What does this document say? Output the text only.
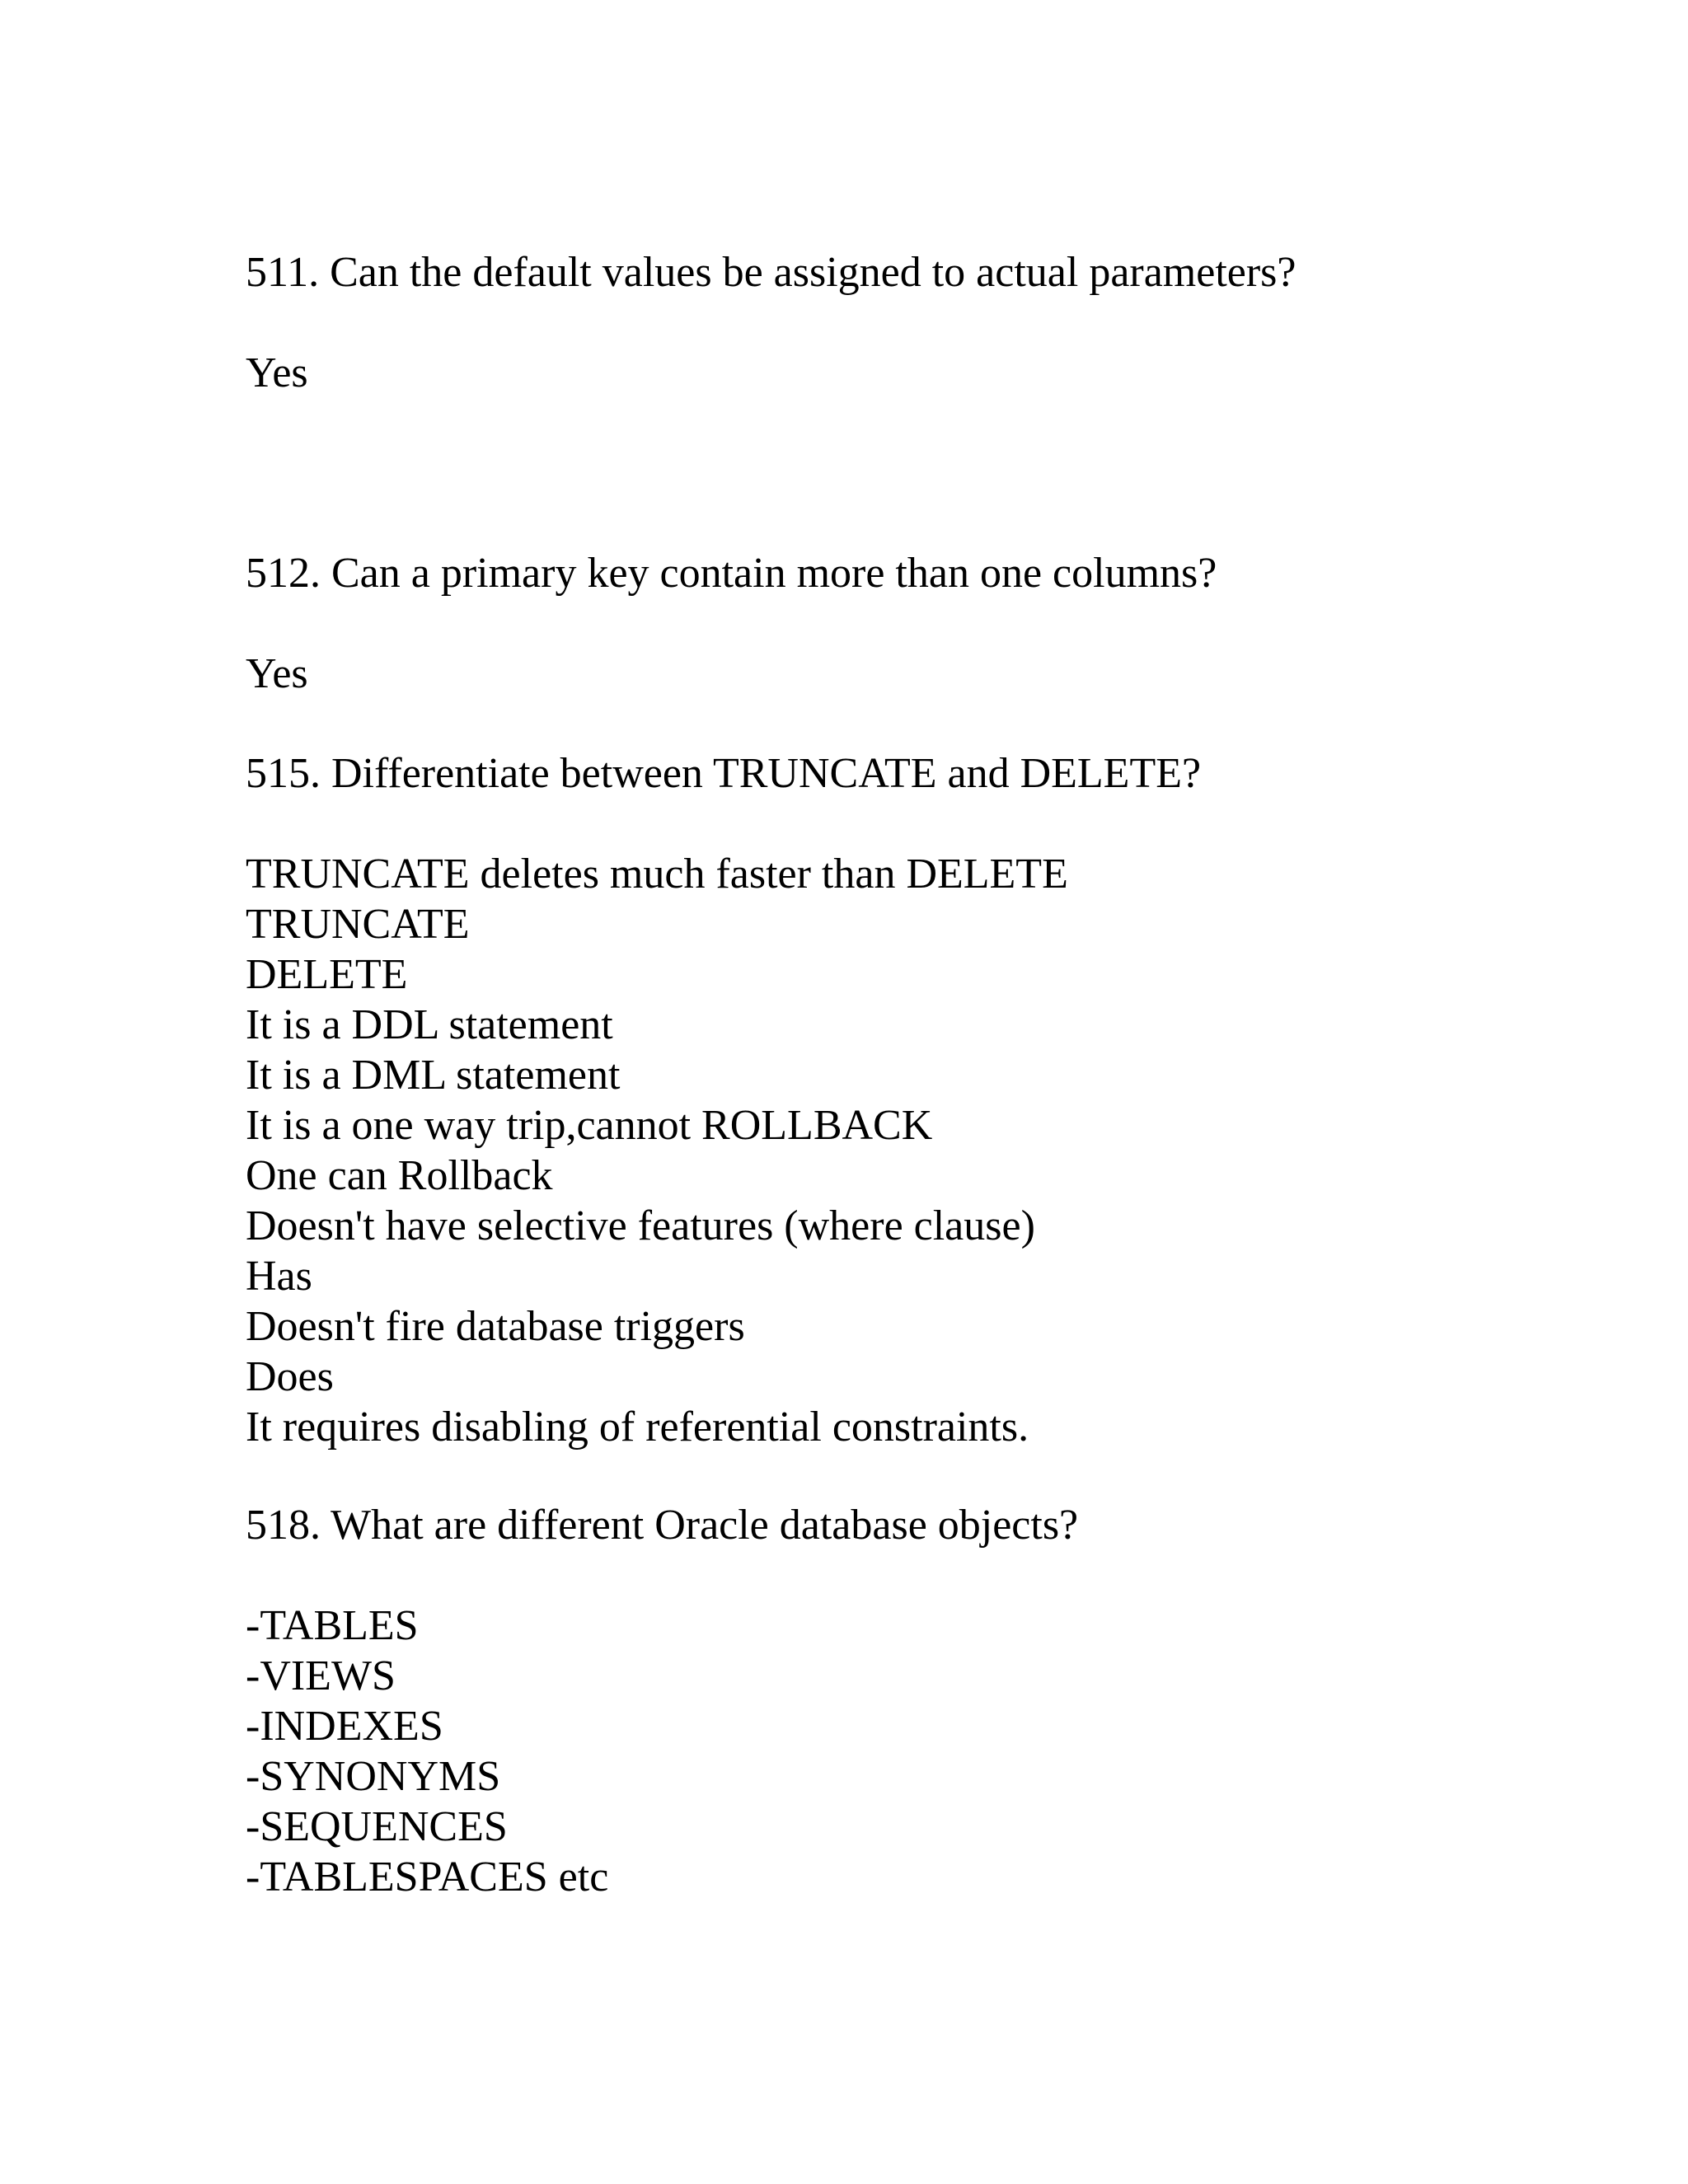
511. Can the default values be assigned to actual parameters?
Yes
512. Can a primary key contain more than one columns?
Yes
515. Differentiate between TRUNCATE and DELETE?
TRUNCATE deletes much faster than DELETE
TRUNCATE
DELETE
It is a DDL statement
It is a DML statement
It is a one way trip,cannot ROLLBACK
One can Rollback
Doesn't have selective features (where clause)
Has
Doesn't fire database triggers
Does
It requires disabling of referential constraints.
518. What are different Oracle database objects?
-TABLES
-VIEWS
-INDEXES
-SYNONYMS
-SEQUENCES
-TABLESPACES etc
